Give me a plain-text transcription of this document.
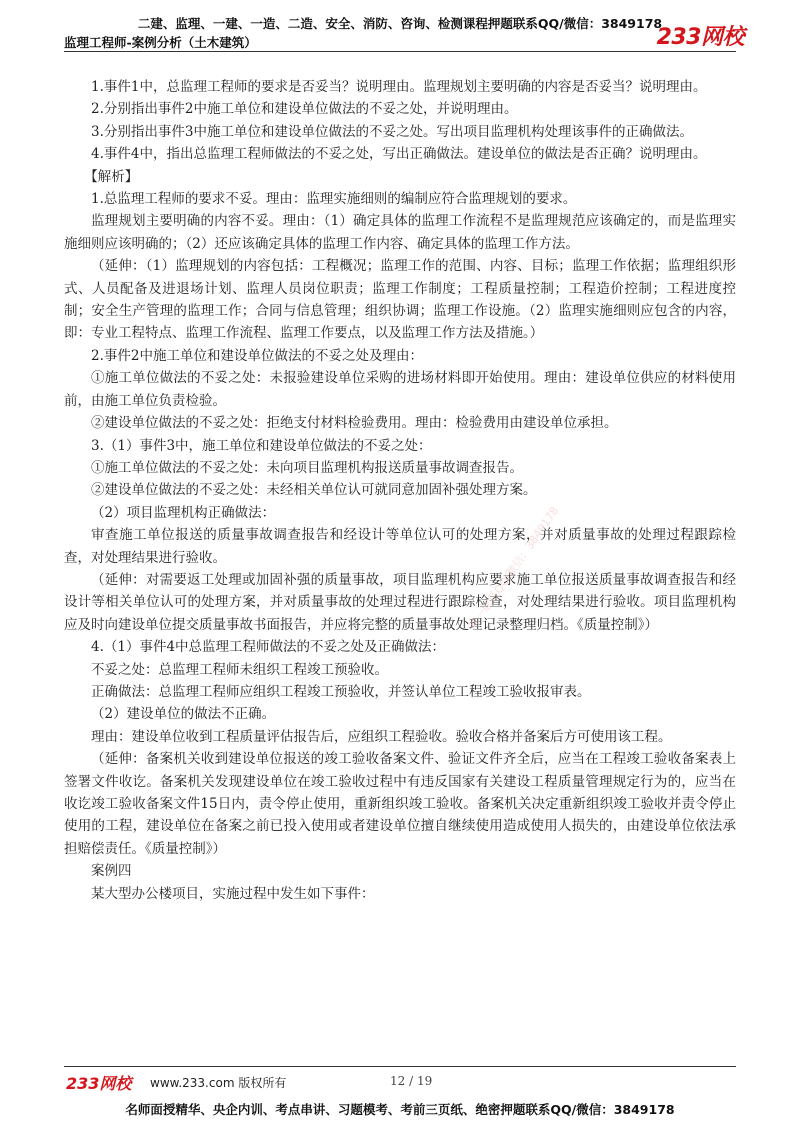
二建、监理、一建、一造、二造、安全、消防、咨询、检测课程押题联系QQ/微信：3849178
监理工程师-案例分析（土木建筑）	233网校

1.事件1中，总监理工程师的要求是否妥当？说明理由。监理规划主要明确的内容是否妥当？说明理由。

2.分别指出事件2中施工单位和建设单位做法的不妥之处，并说明理由。

3.分别指出事件3中施工单位和建设单位做法的不妥之处。写出项目监理机构处理该事件的正确做法。

4.事件4中，指出总监理工程师做法的不妥之处，写出正确做法。建设单位的做法是否正确？说明理由。

【解析】

1.总监理工程师的要求不妥。理由：监理实施细则的编制应符合监理规划的要求。

监理规划主要明确的内容不妥。理由：（1）确定具体的监理工作流程不是监理规范应该确定的，而是监理实施细则应该明确的；（2）还应该确定具体的监理工作内容、确定具体的监理工作方法。

（延伸：（1）监理规划的内容包括：工程概况；监理工作的范围、内容、目标；监理工作依据；监理组织形式、人员配备及进退场计划、监理人员岗位职责；监理工作制度；工程质量控制；工程造价控制；工程进度控制；安全生产管理的监理工作；合同与信息管理；组织协调；监理工作设施。（2）监理实施细则应包含的内容，即：专业工程特点、监理工作流程、监理工作要点，以及监理工作方法及措施。）

2.事件2中施工单位和建设单位做法的不妥之处及理由：

①施工单位做法的不妥之处：未报验建设单位采购的进场材料即开始使用。理由：建设单位供应的材料使用前，由施工单位负责检验。

②建设单位做法的不妥之处：拒绝支付材料检验费用。理由：检验费用由建设单位承担。

3.（1）事件3中，施工单位和建设单位做法的不妥之处：

①施工单位做法的不妥之处：未向项目监理机构报送质量事故调查报告。

②建设单位做法的不妥之处：未经相关单位认可就同意加固补强处理方案。

（2）项目监理机构正确做法：

审查施工单位报送的质量事故调查报告和经设计等单位认可的处理方案，并对质量事故的处理过程跟踪检查，对处理结果进行验收。

（延伸：对需要返工处理或加固补强的质量事故，项目监理机构应要求施工单位报送质量事故调查报告和经设计等相关单位认可的处理方案，并对质量事故的处理过程进行跟踪检查，对处理结果进行验收。项目监理机构应及时向建设单位提交质量事故书面报告，并应将完整的质量事故处理记录整理归档。《质量控制》）

4.（1）事件4中总监理工程师做法的不妥之处及正确做法：

不妥之处：总监理工程师未组织工程竣工预验收。

正确做法：总监理工程师应组织工程竣工预验收，并签认单位工程竣工验收报审表。

（2）建设单位的做法不正确。

理由：建设单位收到工程质量评估报告后，应组织工程验收。验收合格并备案后方可使用该工程。

（延伸：备案机关收到建设单位报送的竣工验收备案文件、验证文件齐全后，应当在工程竣工验收备案表上签署文件收讫。备案机关发现建设单位在竣工验收过程中有违反国家有关建设工程质量管理规定行为的，应当在收讫竣工验收备案文件15日内，责令停止使用，重新组织竣工验收。备案机关决定重新组织竣工验收并责令停止使用的工程，建设单位在备案之前已投入使用或者建设单位擅自继续使用造成使用人损失的，由建设单位依法承担赔偿责任。《质量控制》）

案例四

某大型办公楼项目，实施过程中发生如下事件：

唯一联系QQ/微信：3849178
233网校 www.233.com 版权所有	12 / 19
名师面授精华、央企内训、考点串讲、习题模考、考前三页纸、绝密押题联系QQ/微信：3849178
